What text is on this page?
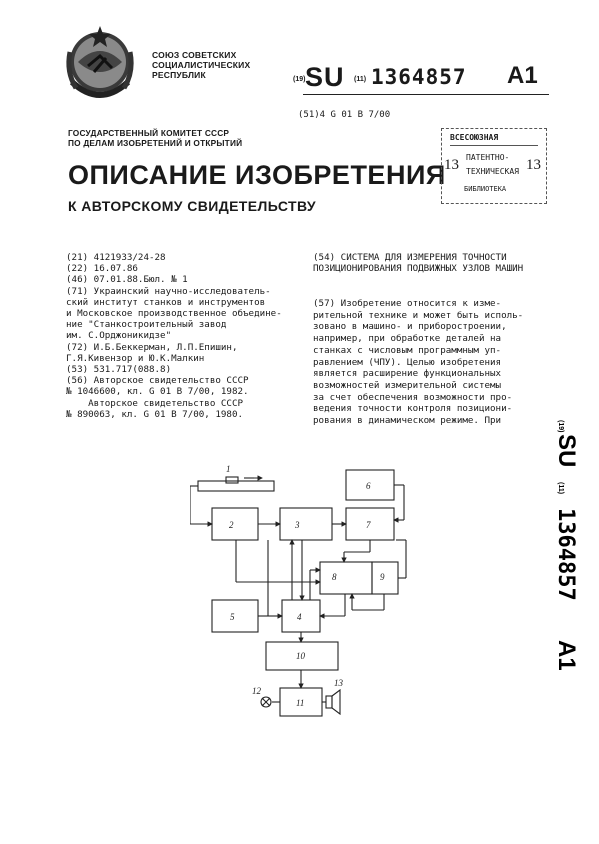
СОЮЗ СОВЕТСКИХ
СОЦИАЛИСТИЧЕСКИХ
РЕСПУБЛИК	(19) SU (11) 1364857 A1
(51)4 G 01 B 7/00
ГОСУДАРСТВЕННЫЙ КОМИТЕТ СССР
ПО ДЕЛАМ ИЗОБРЕТЕНИЙ И ОТКРЫТИЙ
ОПИСАНИЕ ИЗОБРЕТЕНИЯ
К АВТОРСКОМУ СВИДЕТЕЛЬСТВУ
ВСЕСОЮЗНАЯ
ПАТЕНТНО-
ТЕХНИЧЕСКАЯ
БИБЛИОТЕКА
13	13
(21) 4121933/24-28
(22) 16.07.86
(46) 07.01.88.Бюл. № 1
(71) Украинский научно-исследователь-
ский институт станков и инструментов
и Московское производственное объедине-
ние "Станкостроительный завод
им. С.Орджоникидзе"
(72) И.Б.Беккерман, Л.П.Епишин,
Г.Я.Кивензор и Ю.К.Малкин
(53) 531.717(088.8)
(56) Авторское свидетельство СССР
№ 1046600, кл. G 01 B 7/00, 1982.
Авторское свидетельство СССР
№ 890063, кл. G 01 B 7/00, 1980.
(54) СИСТЕМА ДЛЯ ИЗМЕРЕНИЯ ТОЧНОСТИ ПОЗИЦИОНИРОВАНИЯ ПОДВИЖНЫХ УЗЛОВ МАШИН
(57) Изобретение относится к изме-
рительной технике и может быть исполь-
зовано в машино- и приборостроении,
например, при обработке деталей на
станках с числовым программным уп-
равлением (ЧПУ). Целью изобретения
является расширение функциональных
возможностей измерительной системы
за счет обеспечения возможности про-
ведения точности контроля позициони-
рования в динамическом режиме. При	(19)
SU
(11)
1364857
A1
1
2	3
4
5
6
7
8	9
10
11
12
13
